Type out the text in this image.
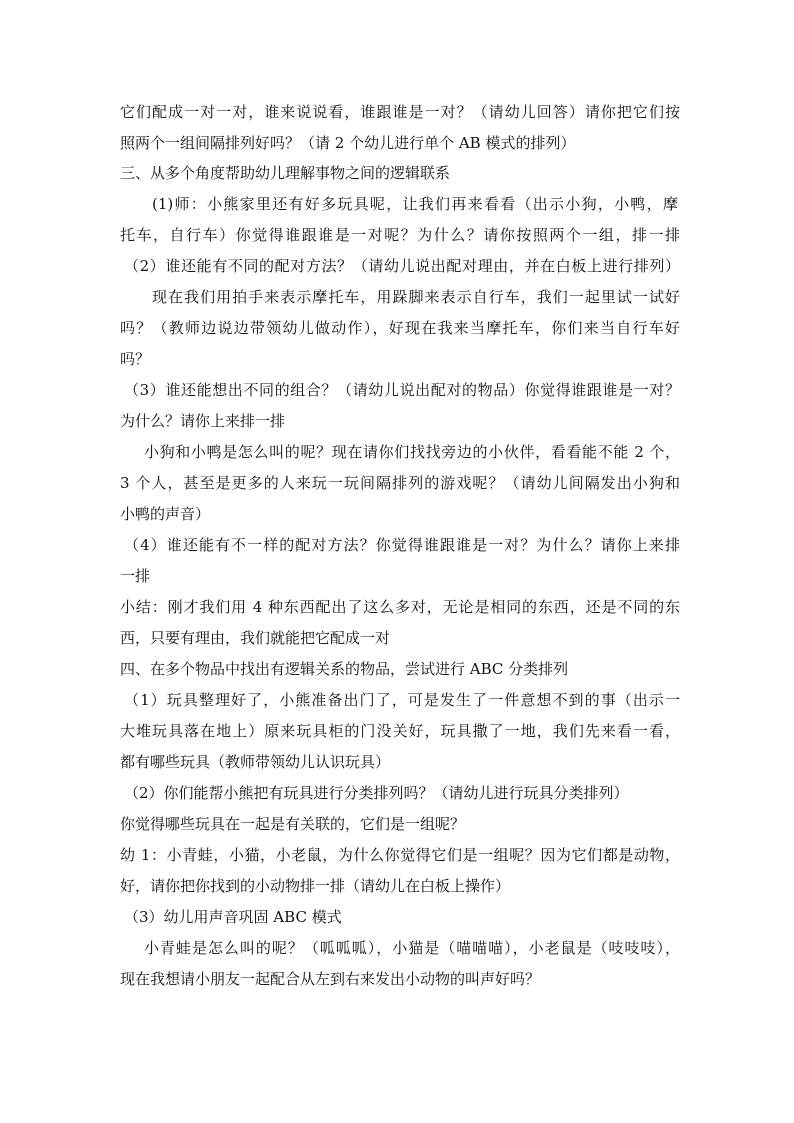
它们配成一对一对，谁来说说看，谁跟谁是一对？（请幼儿回答）请你把它们按
照两个一组间隔排列好吗？（请 2 个幼儿进行单个 AB 模式的排列）
三、从多个角度帮助幼儿理解事物之间的逻辑联系
(1)师：小熊家里还有好多玩具呢，让我们再来看看（出示小狗，小鸭，摩
托车，自行车）你觉得谁跟谁是一对呢？为什么？请你按照两个一组，排一排
（2）谁还能有不同的配对方法？（请幼儿说出配对理由，并在白板上进行排列）
现在我们用拍手来表示摩托车，用跺脚来表示自行车，我们一起里试一试好
吗？（教师边说边带领幼儿做动作），好现在我来当摩托车，你们来当自行车好
吗？
（3）谁还能想出不同的组合？（请幼儿说出配对的物品）你觉得谁跟谁是一对？
为什么？请你上来排一排
小狗和小鸭是怎么叫的呢？现在请你们找找旁边的小伙伴，看看能不能 2 个，
3 个人，甚至是更多的人来玩一玩间隔排列的游戏呢？（请幼儿间隔发出小狗和
小鸭的声音）
（4）谁还能有不一样的配对方法？你觉得谁跟谁是一对？为什么？请你上来排
一排
小结：刚才我们用 4 种东西配出了这么多对，无论是相同的东西，还是不同的东
西，只要有理由，我们就能把它配成一对
四、在多个物品中找出有逻辑关系的物品，尝试进行 ABC 分类排列
（1）玩具整理好了，小熊准备出门了，可是发生了一件意想不到的事（出示一
大堆玩具落在地上）原来玩具柜的门没关好，玩具撒了一地，我们先来看一看，
都有哪些玩具（教师带领幼儿认识玩具）
（2）你们能帮小熊把有玩具进行分类排列吗？（请幼儿进行玩具分类排列）
你觉得哪些玩具在一起是有关联的，它们是一组呢？
幼 1：小青蛙，小猫，小老鼠，为什么你觉得它们是一组呢？因为它们都是动物，
好，请你把你找到的小动物排一排（请幼儿在白板上操作）
（3）幼儿用声音巩固 ABC 模式
小青蛙是怎么叫的呢？（呱呱呱），小猫是（喵喵喵），小老鼠是（吱吱吱），
现在我想请小朋友一起配合从左到右来发出小动物的叫声好吗？
